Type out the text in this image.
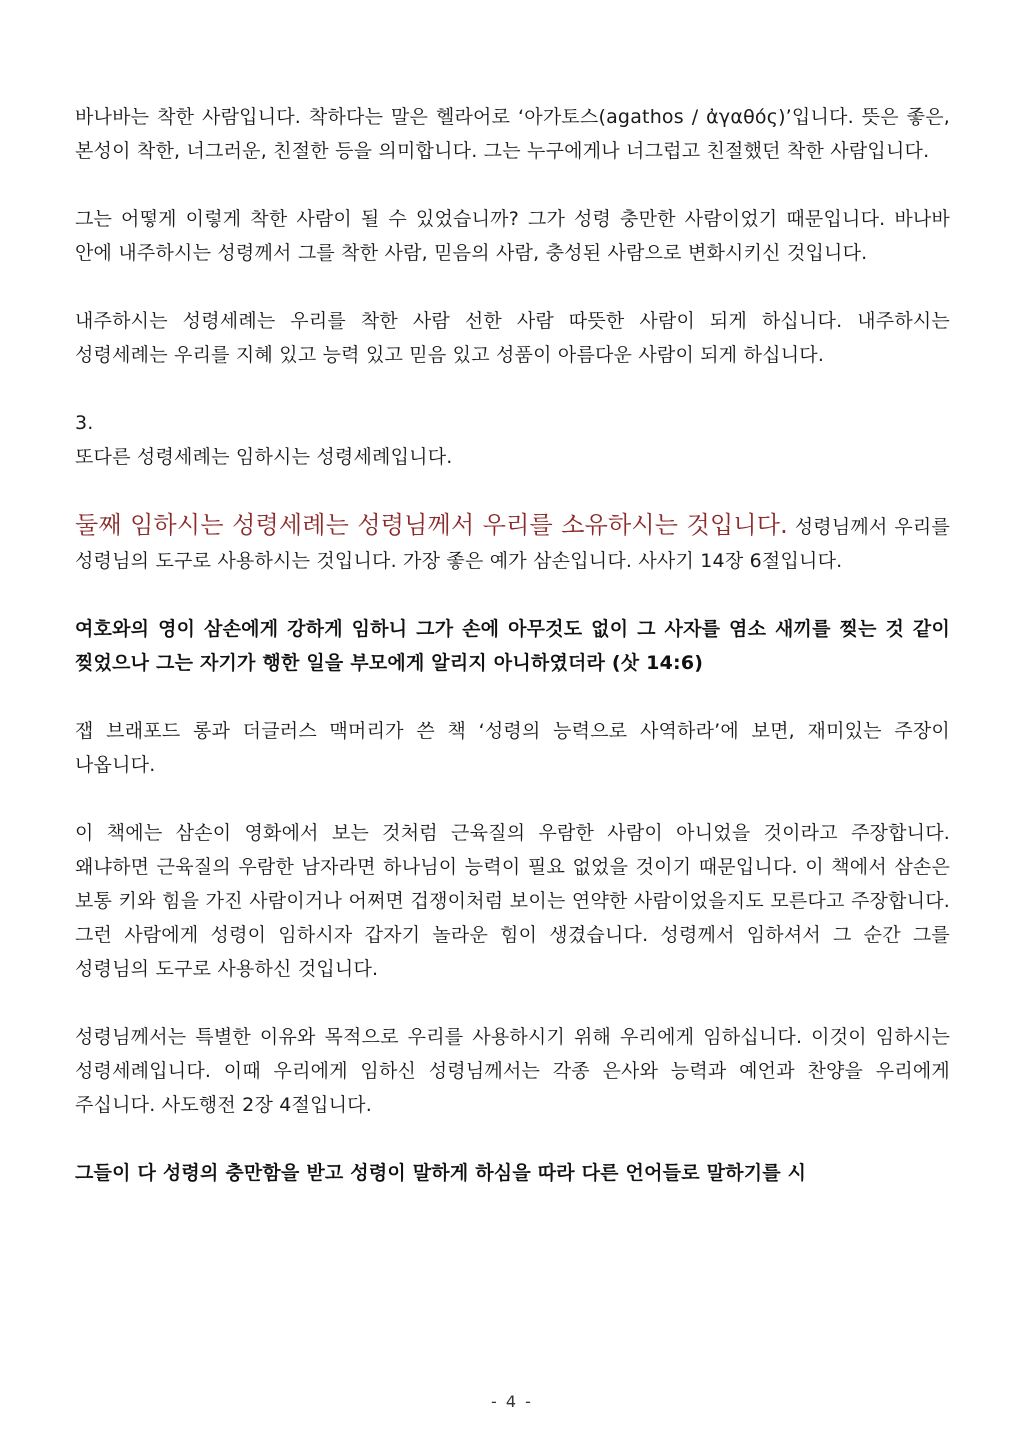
바나바는 착한 사람입니다. 착하다는 말은 헬라어로 ‘아가토스(agathos / ἀγαθός)’입니다. 뜻은 좋은, 본성이 착한, 너그러운, 친절한 등을 의미합니다. 그는 누구에게나 너그럽고 친절했던 착한 사람입니다.

그는 어떻게 이렇게 착한 사람이 될 수 있었습니까? 그가 성령 충만한 사람이었기 때문입니다. 바나바 안에 내주하시는 성령께서 그를 착한 사람, 믿음의 사람, 충성된 사람으로 변화시키신 것입니다.

내주하시는 성령세례는 우리를 착한 사람 선한 사람 따뜻한 사람이 되게 하십니다. 내주하시는 성령세례는 우리를 지혜 있고 능력 있고 믿음 있고 성품이 아름다운 사람이 되게 하십니다.

3.

또다른 성령세례는 임하시는 성령세례입니다.

둘째 임하시는 성령세례는 성령님께서 우리를 소유하시는 것입니다. 성령님께서 우리를 성령님의 도구로 사용하시는 것입니다. 가장 좋은 예가 삼손입니다. 사사기 14장 6절입니다.

여호와의 영이 삼손에게 강하게 임하니 그가 손에 아무것도 없이 그 사자를 염소 새끼를 찢는 것 같이 찢었으나 그는 자기가 행한 일을 부모에게 알리지 아니하였더라 (삿 14:6)

잽 브래포드 롱과 더글러스 맥머리가 쓴 책 ‘성령의 능력으로 사역하라’에 보면, 재미있는 주장이 나옵니다.

이 책에는 삼손이 영화에서 보는 것처럼 근육질의 우람한 사람이 아니었을 것이라고 주장합니다. 왜냐하면 근육질의 우람한 남자라면 하나님이 능력이 필요 없었을 것이기 때문입니다. 이 책에서 삼손은 보통 키와 힘을 가진 사람이거나 어쩌면 겁쟁이처럼 보이는 연약한 사람이었을지도 모른다고 주장합니다. 그런 사람에게 성령이 임하시자 갑자기 놀라운 힘이 생겼습니다. 성령께서 임하셔서 그 순간 그를 성령님의 도구로 사용하신 것입니다.

성령님께서는 특별한 이유와 목적으로 우리를 사용하시기 위해 우리에게 임하십니다. 이것이 임하시는 성령세례입니다. 이때 우리에게 임하신 성령님께서는 각종 은사와 능력과 예언과 찬양을 우리에게 주십니다. 사도행전 2장 4절입니다.

그들이 다 성령의 충만함을 받고 성령이 말하게 하심을 따라 다른 언어들로 말하기를 시

- 4 -
